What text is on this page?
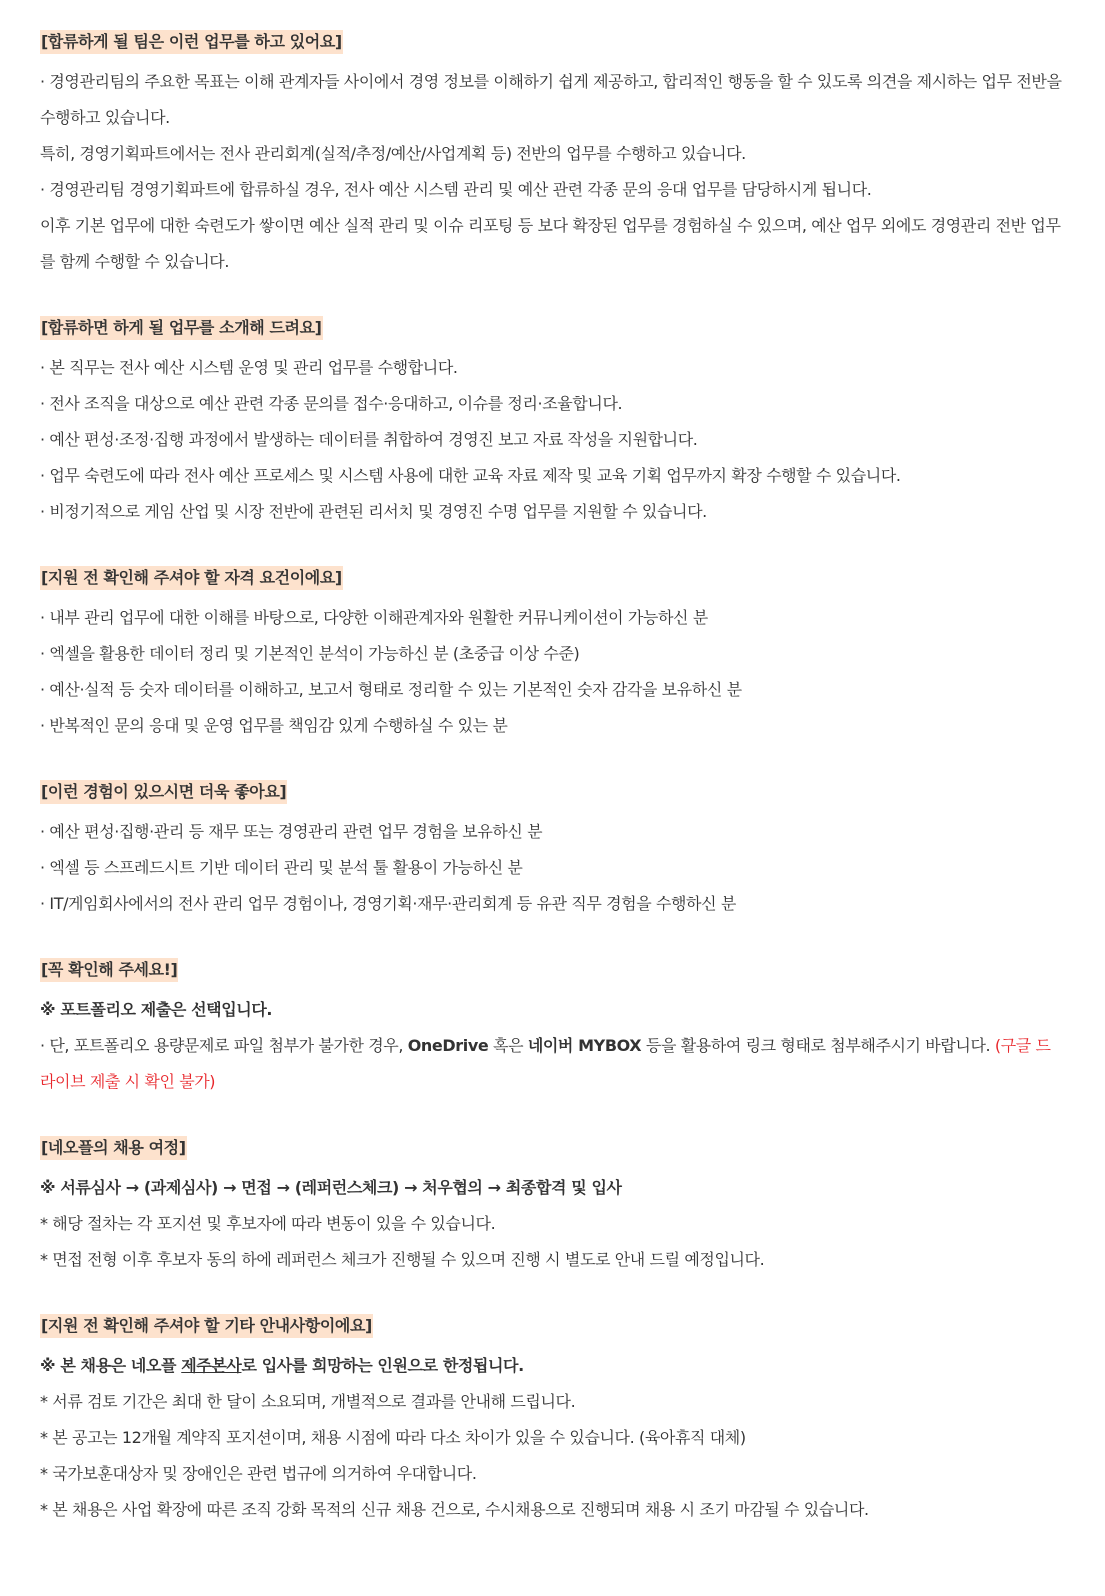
[합류하게 될 팀은 이런 업무를 하고 있어요]

· 경영관리팀의 주요한 목표는 이해 관계자들 사이에서 경영 정보를 이해하기 쉽게 제공하고, 합리적인 행동을 할 수 있도록 의견을 제시하는 업무 전반을 수행하고 있습니다.

특히, 경영기획파트에서는 전사 관리회계(실적/추정/예산/사업계획 등) 전반의 업무를 수행하고 있습니다.

· 경영관리팀 경영기획파트에 합류하실 경우, 전사 예산 시스템 관리 및 예산 관련 각종 문의 응대 업무를 담당하시게 됩니다.

이후 기본 업무에 대한 숙련도가 쌓이면 예산 실적 관리 및 이슈 리포팅 등 보다 확장된 업무를 경험하실 수 있으며, 예산 업무 외에도 경영관리 전반 업무를 함께 수행할 수 있습니다.

[합류하면 하게 될 업무를 소개해 드려요]

· 본 직무는 전사 예산 시스템 운영 및 관리 업무를 수행합니다.

· 전사 조직을 대상으로 예산 관련 각종 문의를 접수·응대하고, 이슈를 정리·조율합니다.

· 예산 편성·조정·집행 과정에서 발생하는 데이터를 취합하여 경영진 보고 자료 작성을 지원합니다.

· 업무 숙련도에 따라 전사 예산 프로세스 및 시스템 사용에 대한 교육 자료 제작 및 교육 기획 업무까지 확장 수행할 수 있습니다.

· 비정기적으로 게임 산업 및 시장 전반에 관련된 리서치 및 경영진 수명 업무를 지원할 수 있습니다.

[지원 전 확인해 주셔야 할 자격 요건이에요]

· 내부 관리 업무에 대한 이해를 바탕으로, 다양한 이해관계자와 원활한 커뮤니케이션이 가능하신 분

· 엑셀을 활용한 데이터 정리 및 기본적인 분석이 가능하신 분 (초중급 이상 수준)

· 예산·실적 등 숫자 데이터를 이해하고, 보고서 형태로 정리할 수 있는 기본적인 숫자 감각을 보유하신 분

· 반복적인 문의 응대 및 운영 업무를 책임감 있게 수행하실 수 있는 분

[이런 경험이 있으시면 더욱 좋아요]

· 예산 편성·집행·관리 등 재무 또는 경영관리 관련 업무 경험을 보유하신 분

· 엑셀 등 스프레드시트 기반 데이터 관리 및 분석 툴 활용이 가능하신 분

· IT/게임회사에서의 전사 관리 업무 경험이나, 경영기획·재무·관리회계 등 유관 직무 경험을 수행하신 분

[꼭 확인해 주세요!]

※ 포트폴리오 제출은 선택입니다.

· 단, 포트폴리오 용량문제로 파일 첨부가 불가한 경우, OneDrive 혹은 네이버 MYBOX 등을 활용하여 링크 형태로 첨부해주시기 바랍니다. (구글 드라이브 제출 시 확인 불가)

[네오플의 채용 여정]

※ 서류심사 → (과제심사) → 면접 → (레퍼런스체크) → 처우협의 → 최종합격 및 입사

* 해당 절차는 각 포지션 및 후보자에 따라 변동이 있을 수 있습니다.

* 면접 전형 이후 후보자 동의 하에 레퍼런스 체크가 진행될 수 있으며 진행 시 별도로 안내 드릴 예정입니다.

[지원 전 확인해 주셔야 할 기타 안내사항이에요]

※ 본 채용은 네오플 제주본사로 입사를 희망하는 인원으로 한정됩니다.

* 서류 검토 기간은 최대 한 달이 소요되며, 개별적으로 결과를 안내해 드립니다.

* 본 공고는 12개월 계약직 포지션이며, 채용 시점에 따라 다소 차이가 있을 수 있습니다. (육아휴직 대체)

* 국가보훈대상자 및 장애인은 관련 법규에 의거하여 우대합니다.

* 본 채용은 사업 확장에 따른 조직 강화 목적의 신규 채용 건으로, 수시채용으로 진행되며 채용 시 조기 마감될 수 있습니다.
